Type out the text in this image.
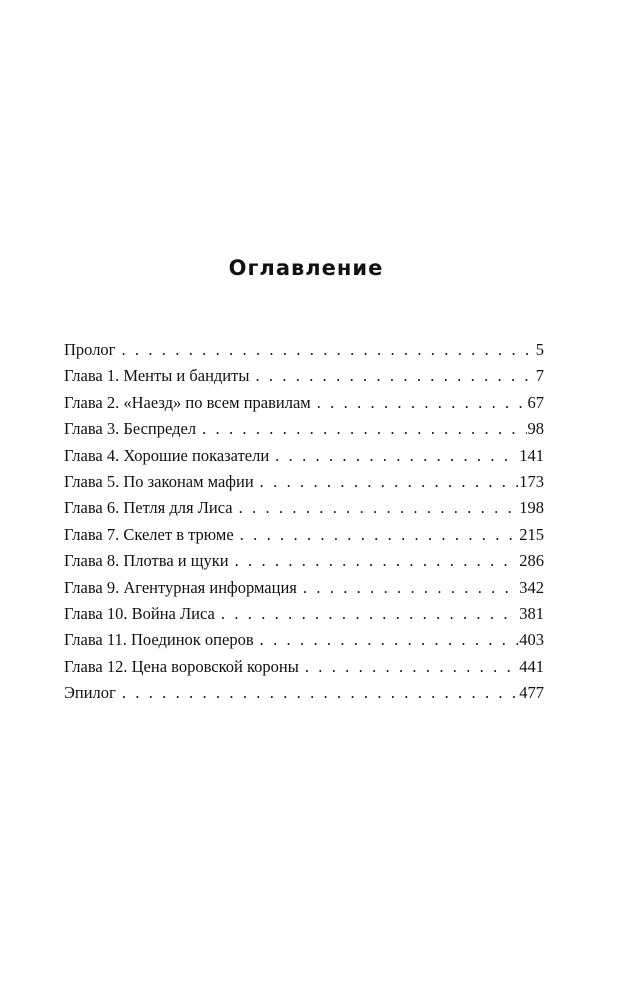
Оглавление
Пролог . . .	5
Глава 1. Менты и бандиты . . .	7
Глава 2. «Наезд» по всем правилам . . .	67
Глава 3. Беспредел . . .	98
Глава 4. Хорошие показатели . . .	141
Глава 5. По законам мафии . . .	173
Глава 6. Петля для Лиса . . .	198
Глава 7. Скелет в трюме . . .	215
Глава 8. Плотва и щуки . . .	286
Глава 9. Агентурная информация . . .	342
Глава 10. Война Лиса . . .	381
Глава 11. Поединок оперов . . .	403
Глава 12. Цена воровской короны . . .	441
Эпилог . . .	477
